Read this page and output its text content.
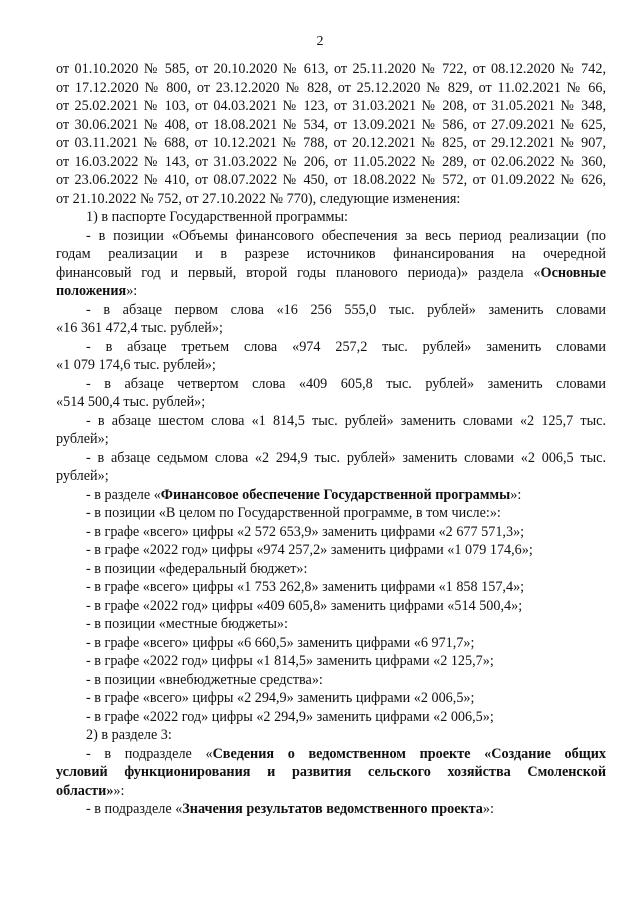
2
от 01.10.2020 № 585, от 20.10.2020 № 613, от 25.11.2020 № 722, от 08.12.2020 № 742,
от 17.12.2020 № 800, от 23.12.2020 № 828, от 25.12.2020 № 829, от 11.02.2021 № 66,
от 25.02.2021 № 103, от 04.03.2021 № 123, от 31.03.2021 № 208, от 31.05.2021 № 348,
от 30.06.2021 № 408, от 18.08.2021 № 534, от 13.09.2021 № 586, от 27.09.2021 № 625,
от 03.11.2021 № 688, от 10.12.2021 № 788, от 20.12.2021 № 825, от 29.12.2021 № 907,
от 16.03.2022 № 143, от 31.03.2022 № 206, от 11.05.2022 № 289, от 02.06.2022 № 360,
от 23.06.2022 № 410, от 08.07.2022 № 450, от 18.08.2022 № 572, от 01.09.2022 № 626,
от 21.10.2022 № 752, от 27.10.2022 № 770), следующие изменения:
1) в паспорте Государственной программы:
- в позиции «Объемы финансового обеспечения за весь период реализации (по
годам реализации и в разрезе источников финансирования на очередной
финансовый год и первый, второй годы планового периода)» раздела «Основные
положения»:
- в абзаце первом слова «16 256 555,0 тыс. рублей» заменить словами
«16 361 472,4 тыс. рублей»;
- в абзаце третьем слова «974 257,2 тыс. рублей» заменить словами
«1 079 174,6 тыс. рублей»;
- в абзаце четвертом слова «409 605,8 тыс. рублей» заменить словами
«514 500,4 тыс. рублей»;
- в абзаце шестом слова «1 814,5 тыс. рублей» заменить словами «2 125,7 тыс.
рублей»;
- в абзаце седьмом слова «2 294,9 тыс. рублей» заменить словами «2 006,5 тыс.
рублей»;
- в разделе «Финансовое обеспечение Государственной программы»:
- в позиции «В целом по Государственной программе, в том числе:»:
- в графе «всего» цифры «2 572 653,9» заменить цифрами «2 677 571,3»;
- в графе «2022 год» цифры «974 257,2» заменить цифрами «1 079 174,6»;
- в позиции «федеральный бюджет»:
- в графе «всего» цифры «1 753 262,8» заменить цифрами «1 858 157,4»;
- в графе «2022 год» цифры «409 605,8» заменить цифрами «514 500,4»;
- в позиции «местные бюджеты»:
- в графе «всего» цифры «6 660,5» заменить цифрами «6 971,7»;
- в графе «2022 год» цифры «1 814,5» заменить цифрами «2 125,7»;
- в позиции «внебюджетные средства»:
- в графе «всего» цифры «2 294,9» заменить цифрами «2 006,5»;
- в графе «2022 год» цифры «2 294,9» заменить цифрами «2 006,5»;
2) в разделе 3:
- в подразделе «Сведения о ведомственном проекте «Создание общих
условий функционирования и развития сельского хозяйства Смоленской
области»»:
- в подразделе «Значения результатов ведомственного проекта»:
